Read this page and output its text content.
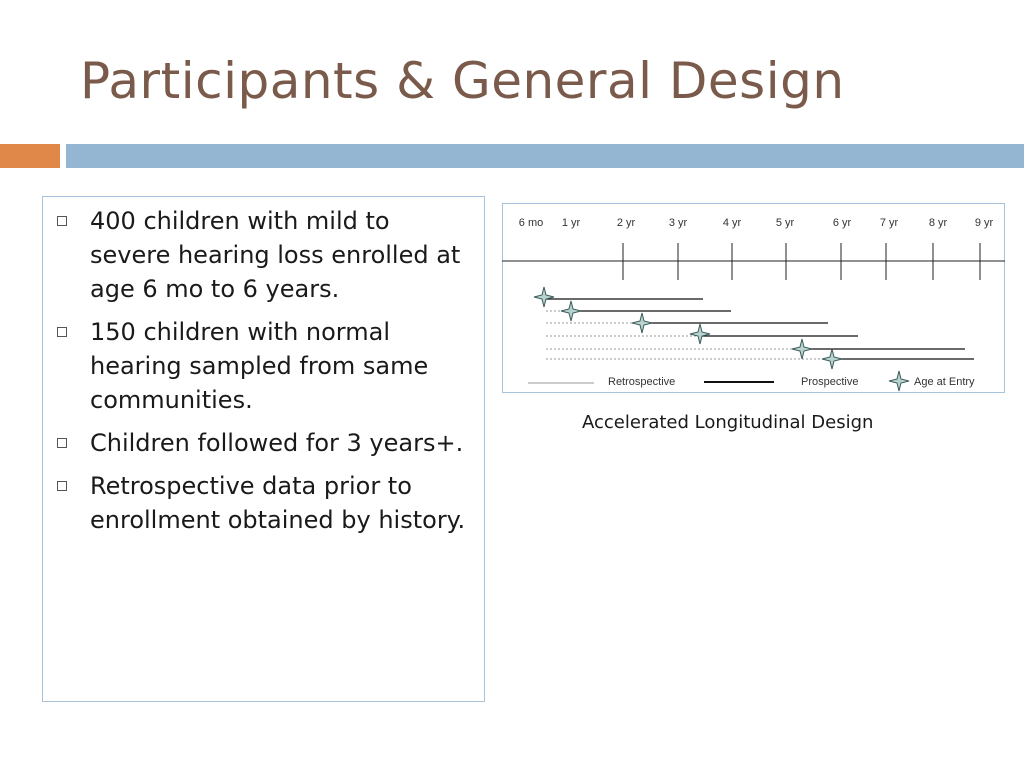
Participants & General Design
400 children with mild to severe hearing loss enrolled at age 6 mo to 6 years.
150 children with normal hearing sampled from same communities.
Children followed for 3 years+.
Retrospective data prior to enrollment obtained by history.
6 mo 1 yr	2 yr	3 yr	4 yr	5 yr	6 yr	7 yr	8 yr	9 yr
Retrospective	Prospective	Age at Entry
Accelerated Longitudinal Design
